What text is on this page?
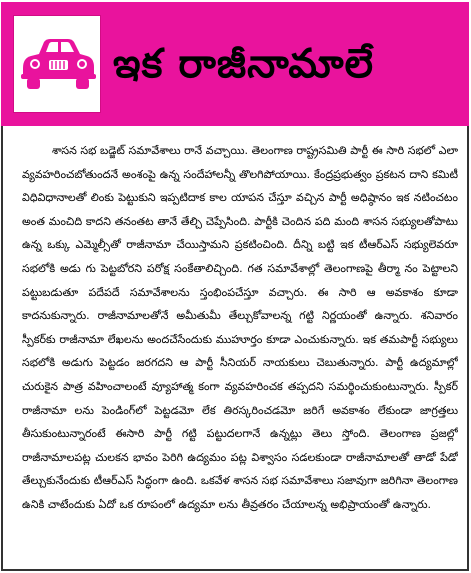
ఇక రాజీనామాలే

శాసన సభ బడ్జెట్ సమావేశాలు రానే వచ్చాయి. తెలంగాణ రాష్ట్రసమితి పార్టీ ఈ సారి సభలో ఎలా వ్యవహరించబోతుందనే అంశంపై ఉన్న సందేహాలన్నీ తొలగిపోయాయి. కేంద్రప్రభుత్వం ప్రకటన దాని కమిటీ విధివిధానాలతో లింకు పెట్టుకుని ఇప్పటిదాక కాల యాపన చేస్తూ వచ్చిన పార్టీ అధిష్ఠానం ఇక నటించటం అంత మంచిది కాదని తనంతట తానే తేల్చి చెప్పేసింది. పార్టీకి చెందిన పది మంది శాసన సభ్యులతోపాటు ఉన్న ఒక్కు ఎమ్మెల్సీతో రాజీనామా చేయిస్తామని ప్రకటించింది. దీన్ని బట్టి ఇక టీఆర్ఎస్ సభ్యులెవరూ సభలోకి అడు గు పెట్టబోరని పరోక్ష సంకేతాలిచ్చింది. గత సమావేశాల్లో తెలంగాణపై తీర్మా నం పెట్టాలని పట్టుబడుతూ పదేపదే సమావేశాలను స్తంభింపచేస్తూ వచ్చారు. ఈ సారి ఆ అవకాశం కూడా కాదనుకున్నారు. రాజీనామాలతోనే అమీతుమీ తేల్చుకోవాలన్న గట్టి నిర్ణయంతో ఉన్నారు. శనివారం స్పీకర్‌కు రాజీనామా లేఖలను అందచేసేందుకు ముహూర్తం కూడా ఎంచుకున్నారు. ఇక తమపార్టీ సభ్యులు సభలోకి అడుగు పెట్టడం జరగదని ఆ పార్టీ సీనియర్ నాయకులు చెబుతున్నారు. పార్టీ ఉద్యమాల్లో చురుకైన పాత్ర వహించాలంటే వ్యూహాత్మ కంగా వ్యవహరించక తప్పదని సమర్థించుకుంటున్నారు. స్పీకర్ రాజీనామా లను పెండింగ్‌లో పెట్టడమో లేక తిరస్కరించడమో జరిగే అవకాశం లేకుండా జాగ్రత్తలు తీసుకుంటున్నారంటే ఈసారి పార్టీ గట్టి పట్టుదలగానే ఉన్నట్లు తెలు స్తోంది. తెలంగాణ ప్రజల్లో రాజీనామాలపట్ల చులకన భావం పెరిగి ఉద్యమం పట్ల విశ్వాసం సడలకుండా రాజీనామాలతో తాడో పేడో తేల్చుకునేందుకు టీఆర్ఎస్ సిద్ధంగా ఉంది. ఒకవేళ శాసన సభ సమావేశాలు సజావుగా జరిగినా తెలంగాణ ఉనికి చాటేందుకు ఏదో ఒక రూపంలో ఉద్యమా లను తీవ్రతరం చేయాలన్న అభిప్రాయంతో ఉన్నారు.
